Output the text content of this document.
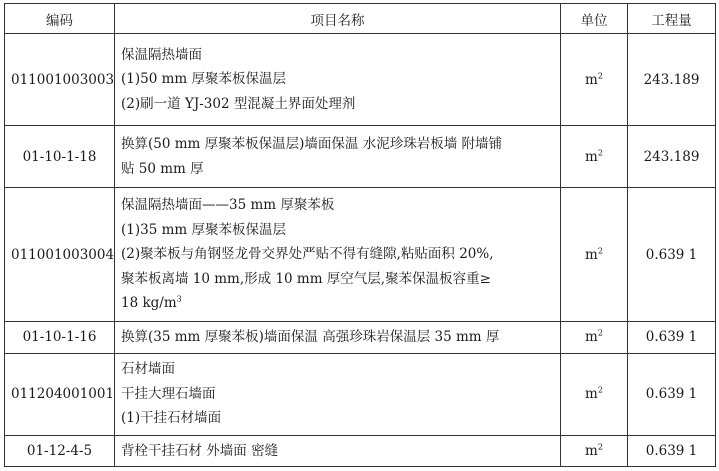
编码	项目名称	单位	工程量
011001003003	保温隔热墙面
(1)50 mm 厚聚苯板保温层
(2)刷一道 YJ-302 型混凝土界面处理剂	$m^2$	243.189
01-10-1-18	换算(50 mm 厚聚苯板保温层)墙面保温 水泥珍珠岩板墙 附墙铺
贴 50 mm 厚	$m^2$	243.189
011001003004	保温隔热墙面——35 mm 厚聚苯板
(1)35 mm 厚聚苯板保温层
(2)聚苯板与角钢竖龙骨交界处严贴不得有缝隙,粘贴面积 20%,
聚苯板离墙 10 mm,形成 10 mm 厚空气层,聚苯保温板容重≥
18 $kg/m^3$	$m^2$	0.639 1
01-10-1-16	换算(35 mm 厚聚苯板)墙面保温 高强珍珠岩保温层 35 mm 厚	$m^2$	0.639 1
011204001001	石材墙面
干挂大理石墙面
(1)干挂石材墙面	$m^2$	0.639 1
01-12-4-5	背栓干挂石材 外墙面 密缝	$m^2$	0.639 1
